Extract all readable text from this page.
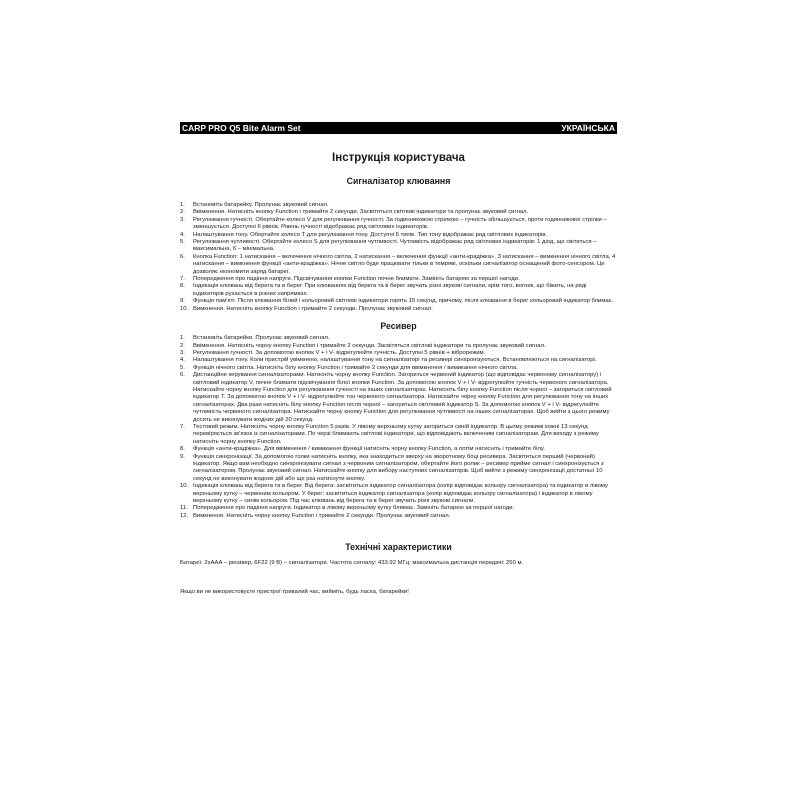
CARP PRO Q5 Bite Alarm Set	УКРАЇНСЬКА
Інструкція користувача
Сигналізатор клювання
1.	Встановіть батарейку. Пролунає звуковий сигнал.
2.	Ввімкнення. Натисніть кнопку Function і тримайте 2 секунди. Засвітяться світлові індикатори та пролунає звуковий сигнал.
3.	Регулювання гучності. Обертайте колесо V для регулювання гучності. За годинниковою стрілкою – гучність збільшується, проти годинникової стрілки – зменшується. Доступні 6 рівнів. Рівень гучності відображає ряд світлових індикаторів.
4.	Налаштування тону. Обертайте колесо T для регулювання тону. Доступні 6 типів. Тип тону відображає ряд світлових індикаторів.
5.	Регулювання чутливості. Обертайте колесо S для регулювання чутливості. Чутливість відображає ряд світлових індикаторів: 1 діод, що світиться – максимальна, 6 – мінімальна.
6.	Кнопка Function: 1 натискання – включення нічного світла, 2 натискання – включення функції «анти-крадіжка», 3 натискання – вимкнення нічного світла, 4 натискання – вимкнення функції «анти-крадіжка». Нічне світло буде працювати тільки в темряві, оскільки сигналізатор оснащений фото-сенсором. Це дозволяє економити заряд батареї.
7.	Попередження про падіння напруги. Підсвічування кнопки Function почне блимати. Замініть батарею за першої нагоди.
8.	Індикація клювань від берега та в берег. При клюваннях від берега та в берег звучать різні звукові сигнали, крім того, вогник, що біжить, на ряді індикаторів рухається в різних напрямках.
9.	Функція пам'яті. Після клювання білий і кольоровий світлові індикатори горять 15 секунд, причому, після клювання в берег кольоровий індикатор блимає.
10. Вимкнення. Натисніть кнопку Function і тримайте 2 секунди. Пролунає звуковий сигнал.
Ресивер
1.	Встановіть батарейки. Пролунає звуковий сигнал.
2.	Ввімкнення. Натисніть чорну кнопку Function і тримайте 2 секунди. Засвітяться світлові індикатори та пролунає звуковий сигнал.
3.	Регулювання гучності. За допомогою кнопок V + і V- відрегулюйте гучність. Доступні 5 рівнів + віброрежим.
4.	Налаштування тону. Коли пристрій увімкнено, налаштування тону на сигналізаторі та ресивері синхронізуються. Встановлюються на сигналізаторі.
5.	Функція нічного світла. Натисніть білу кнопку Function і тримайте 2 секунди для ввімкнення / вимикання нічного світла.
6.	Дистанційне керування сигналізаторами. Натисніть чорну кнопку Function. Загориться червоний індикатор (що відповідає червоному сигналізатору) і світловий індикатор V, почне блимати підсвічування білої кнопки Function. За допомогою кнопок V + і V- відрегулюйте гучність червоного сигналізатора. Натискайте чорну кнопку Function для регулювання гучності на інших сигналізаторах. Натисніть білу кнопку Function після чорної – загориться світловий індикатор T. За допомогою кнопок V + і V- відрегулюйте тон червоного сигналізатора. Натискайте чорну кнопку Function для регулювання тону на інших сигналізаторах. Два рази натисніть білу кнопку Function після чорної – загориться світловий індикатор S. За допомогою кнопок V + і V- відрегулюйте чутливість червоного сигналізатора. Натискайте чорну кнопку Function для регулювання чутливості на інших сигналізаторах. Щоб вийти з цього режиму досить не виконувати жодних дій 20 секунд.
7.	Тестовий режим. Натисніть чорну кнопку Function 5 разів. У лівому верхньому кутку загориться синій індикатор. В цьому режимі кожні 13 секунд перевіряється зв'язок із сигналізаторами. По черзі блимають світлові індикатори, що відповідають включеним сигналізаторам. Для виходу з режиму натисніть чорну кнопку Function.
8.	Функція «анти-крадіжка». Для ввімкнення / вимикання функції натисніть чорну кнопку Function, а потім натисніть і тримайте білу.
9.	Функція синхронізації. За допомогою голки натисніть кнопку, яка знаходиться зверху на зворотному боці ресивера. Засвітиться перший (червоний) індикатор. Якщо вам необхідно синхронізувати сигнал з червоним сигналізатором, обертайте його ролик – ресивер прийме сигнал і синхронізується з сигналізатором. Пролунає звуковий сигнал. Натискайте кнопку для вибору наступних сигналізаторів. Щоб вийти з режиму синхронізації достатньо 10 секунд не виконувати жодних дій або ще раз натиснути кнопку.
10. Індикація клювань від берега та в берег. Від берега: засвітиться індикатор сигналізатора (колір відповідає кольору сигналізатора) та індикатор в лівому верхньому кутку – червоним кольором. У берег: засвітиться індикатор сигналізатора (колір відповідає кольору сигналізатора) і індикатор в лівому верхньому кутку – синім кольором. Під час клювань від берега та в берег звучать різні звукові сигнали.
11. Попередження про падіння напруги. Індикатор в лівому верхньому кутку блимає. Замініть батарею за першої нагоди.
12. Вимкнення. Натисніть чорну кнопку Function і тримайте 2 секунди. Пролунає звуковий сигнал.
Технічні характеристики
Батареї: 2xAAA – ресивер, 6F22 (9 В) – сигналізатори. Частота сигналу: 433.92 МГц; максимальна дистанція передачі: 250 м.
Якщо ви не використовуєте пристрої тривалий час, вийміть, будь ласка, батарейки!
